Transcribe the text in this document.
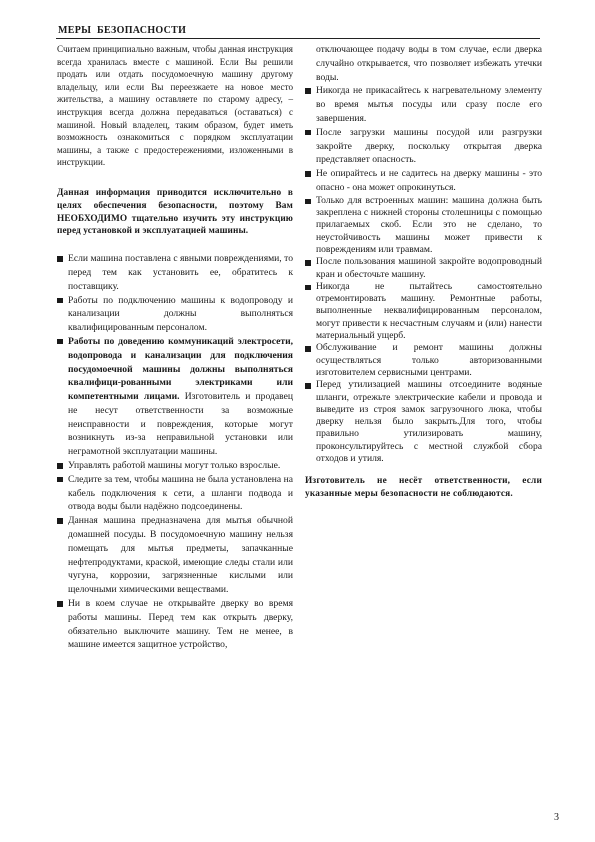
МЕРЫ БЕЗОПАСНОСТИ

Считаем принципиально важным, чтобы данная инструкция всегда хранилась вместе с машиной. Если Вы решили продать или отдать посудомоечную машину другому владельцу, или если Вы переезжаете на новое место жительства, а машину оставляете по старому адресу, – инструкция всегда должна передаваться (оставаться) с машиной. Новый владелец, таким образом, будет иметь возможность ознакомиться с порядком эксплуатации машины, а также с предостережениями, изложенными в инструкции.

Данная информация приводится исключительно в целях обеспечения безопасности, поэтому Вам НЕОБХОДИМО тщательно изучить эту инструкцию перед установкой и эксплуатацией машины.

Если машина поставлена с явными повреждениями, то перед тем как установить ее, обратитесь к поставщику.
Работы по подключению машины к водопроводу и канализации должны выполняться квалифицированным персоналом.
Работы по доведению коммуникаций электросети, водопровода и канализации для подключения посудомоечной машины должны выполняться квалифици-рованными электриками или компетентными лицами. Изготовитель и продавец не несут ответственности за возможные неисправности и повреждения, которые могут возникнуть из-за неправильной установки или неграмотной эксплуатации машины.
Управлять работой машины могут только взрослые.
Следите за тем, чтобы машина не была установлена на кабель подключения к сети, а шланги подвода и отвода воды были надёжно подсоединены.
Данная машина предназначена для мытья обычной домашней посуды. В посудомоечную машину нельзя помещать для мытья предметы, запачканные нефтепродуктами, краской, имеющие следы стали или чугуна, коррозии, загрязненные кислыми или щелочными химическими веществами.
Ни в коем случае не открывайте дверку во время работы машины. Перед тем как открыть дверку, обязательно выключите машину. Тем не менее, в машине имеется защитное устройство,

отключающее подачу воды в том случае, если дверка случайно открывается, что позволяет избежать утечки воды.

Никогда не прикасайтесь к нагревательному элементу во время мытья посуды или сразу после его завершения.
После загрузки машины посудой или разгрузки закройте дверку, поскольку открытая дверка представляет опасность.
Не опирайтесь и не садитесь на дверку машины - это опасно - она может опрокинуться.
Только для встроенных машин: машина должна быть закреплена с нижней стороны столешницы с помощью прилагаемых скоб. Если это не сделано, то неустойчивость машины может привести к повреждениям или травмам.
После пользования машиной закройте водопроводный кран и обесточьте машину.
Никогда не пытайтесь самостоятельно отремонтировать машину. Ремонтные работы, выполненные неквалифицированным персоналом, могут привести к несчастным случаям и (или) нанести материальный ущерб.
Обслуживание и ремонт машины должны осуществляться только авторизованными изготовителем сервисными центрами.
Перед утилизацией машины отсоедините водяные шланги, отрежьте электрические кабели и провода и выведите из строя замок загрузочного люка, чтобы дверку нельзя было закрыть.Для того, чтобы правильно утилизировать машину, проконсультируйтесь с местной службой сбора отходов и утиля.

Изготовитель не несёт ответственности, если указанные меры безопасности не соблюдаются.

3
